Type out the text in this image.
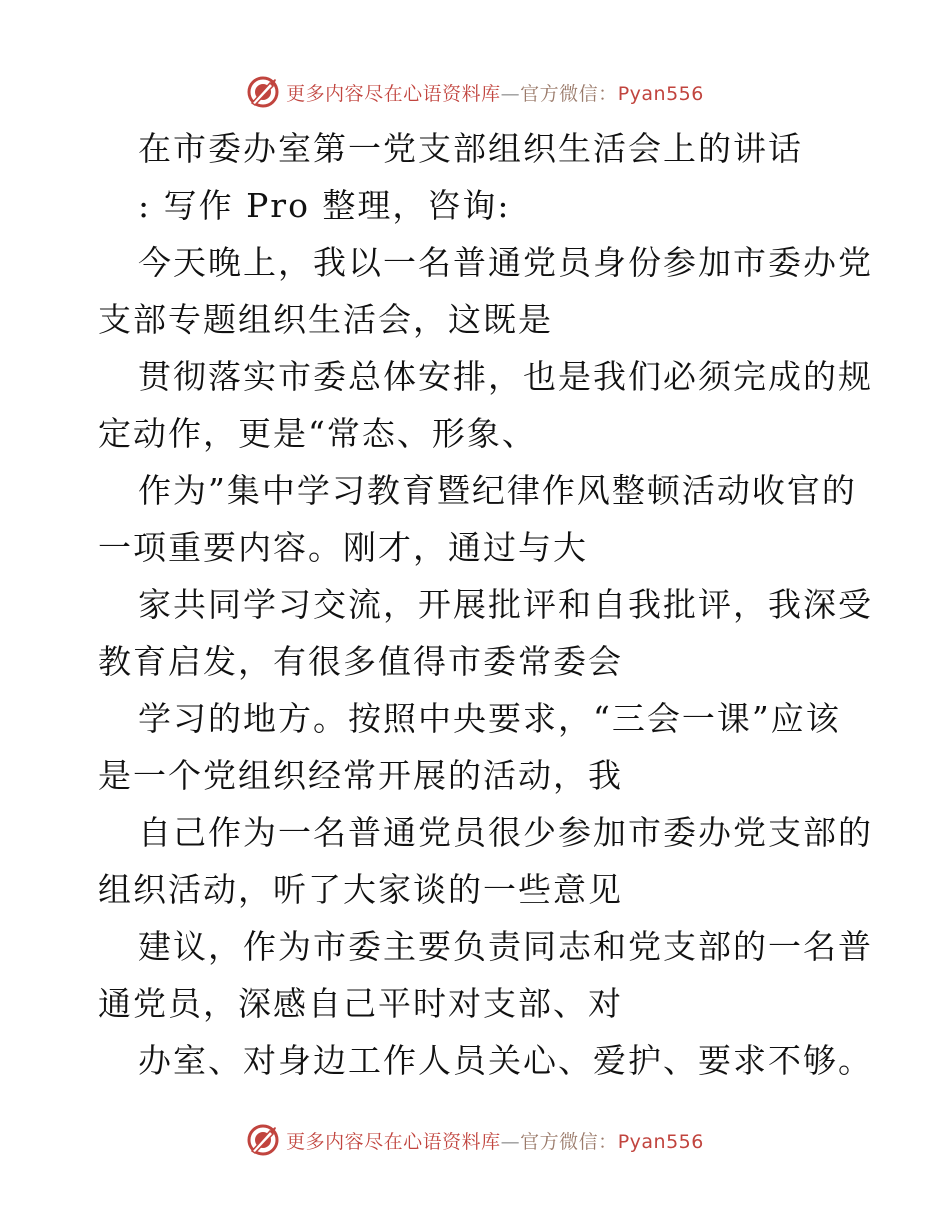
更多内容尽在心语资料库—官方微信：Pyan556
在市委办室第一党支部组织生活会上的讲话
: 写作 Pro 整理，咨询:
今天晚上，我以一名普通党员身份参加市委办党
支部专题组织生活会，这既是
贯彻落实市委总体安排，也是我们必须完成的规
定动作，更是“常态、形象、
作为”集中学习教育暨纪律作风整顿活动收官的
一项重要内容。刚才，通过与大
家共同学习交流，开展批评和自我批评，我深受
教育启发，有很多值得市委常委会
学习的地方。按照中央要求，“三会一课”应该
是一个党组织经常开展的活动，我
自己作为一名普通党员很少参加市委办党支部的
组织活动，听了大家谈的一些意见
建议，作为市委主要负责同志和党支部的一名普
通党员，深感自己平时对支部、对
办室、对身边工作人员关心、爱护、要求不够。
更多内容尽在心语资料库—官方微信：Pyan556
